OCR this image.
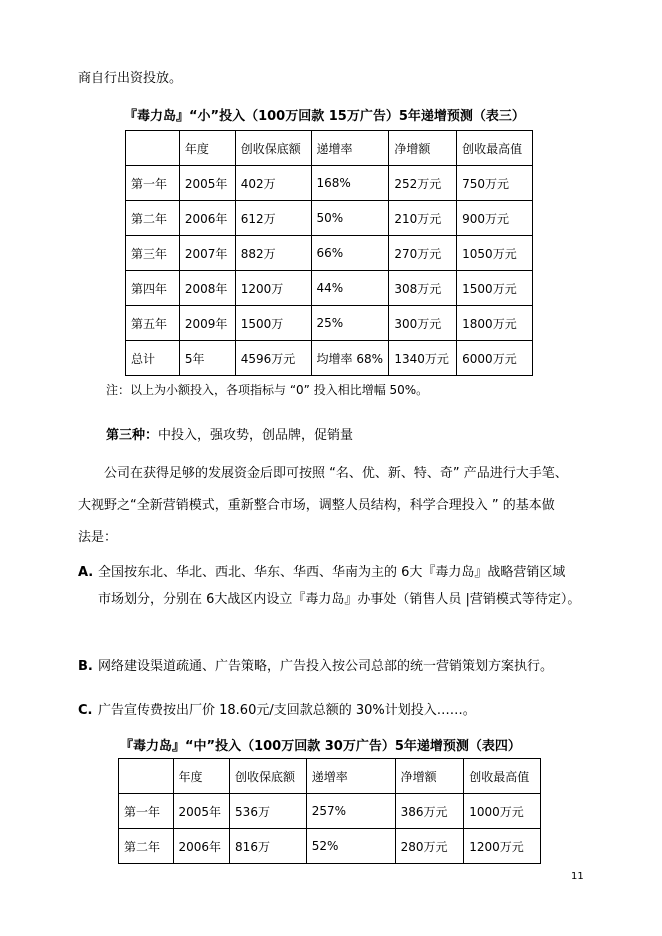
商自行出资投放。
『毒力岛』“小”投入（100万回款 15万广告）5年递增预测（表三）
	年度	创收保底额	递增率	净增额	创收最高值
第一年	2005年	402万	168%	252万元	750万元
第二年	2006年	612万	50%	210万元	900万元
第三年	2007年	882万	66%	270万元	1050万元
第四年	2008年	1200万	44%	308万元	1500万元
第五年	2009年	1500万	25%	300万元	1800万元
总计	5年	4596万元	均增率 68%	1340万元	6000万元
注：以上为小额投入，各项指标与 “0” 投入相比增幅 50%。
第三种：中投入，强攻势，创品牌，促销量
公司在获得足够的发展资金后即可按照 “名、优、新、特、奇” 产品进行大手笔、
大视野之“全新营销模式，重新整合市场，调整人员结构，科学合理投入 ” 的基本做
法是：
A. 全国按东北、华北、西北、华东、华西、华南为主的 6大『毒力岛』战略营销区域
市场划分，分别在 6大战区内设立『毒力岛』办事处（销售人员 |营销模式等待定）。
B. 网络建设渠道疏通、广告策略，广告投入按公司总部的统一营销策划方案执行。
C. 广告宣传费按出厂价 18.60元/支回款总额的 30%计划投入……。
『毒力岛』“中”投入（100万回款 30万广告）5年递增预测（表四）
	年度	创收保底额	递增率	净增额	创收最高值
第一年	2005年	536万	257%	386万元	1000万元
第二年	2006年	816万	52%	280万元	1200万元
11
